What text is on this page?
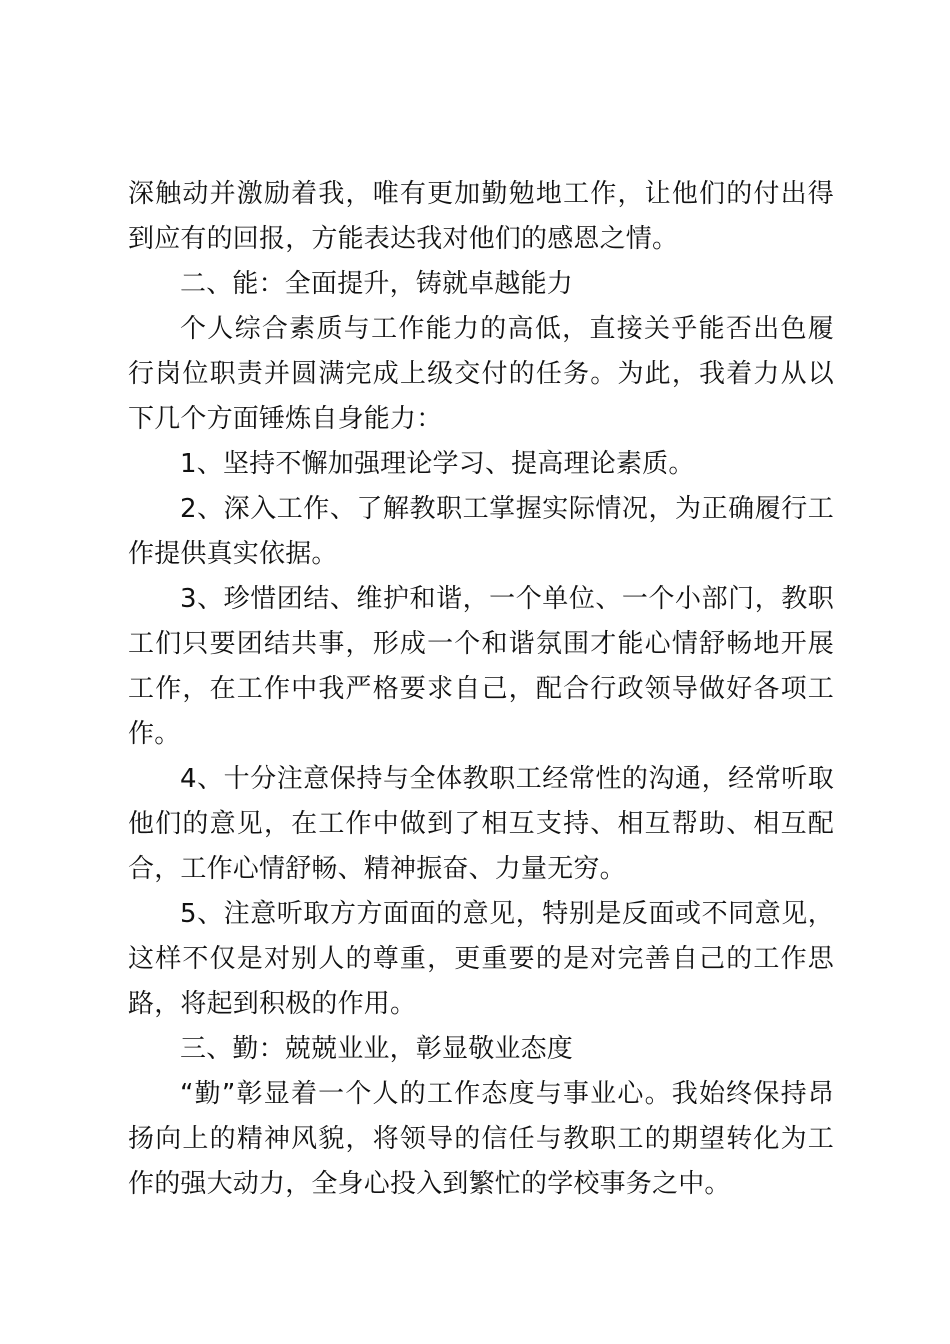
深触动并激励着我，唯有更加勤勉地工作，让他们的付出得到应有的回报，方能表达我对他们的感恩之情。

二、能：全面提升，铸就卓越能力

个人综合素质与工作能力的高低，直接关乎能否出色履行岗位职责并圆满完成上级交付的任务。为此，我着力从以下几个方面锤炼自身能力：

1、坚持不懈加强理论学习、提高理论素质。

2、深入工作、了解教职工掌握实际情况，为正确履行工作提供真实依据。

3、珍惜团结、维护和谐，一个单位、一个小部门，教职工们只要团结共事，形成一个和谐氛围才能心情舒畅地开展工作，在工作中我严格要求自己，配合行政领导做好各项工作。

4、十分注意保持与全体教职工经常性的沟通，经常听取他们的意见，在工作中做到了相互支持、相互帮助、相互配合，工作心情舒畅、精神振奋、力量无穷。

5、注意听取方方面面的意见，特别是反面或不同意见，这样不仅是对别人的尊重，更重要的是对完善自己的工作思路，将起到积极的作用。

三、勤：兢兢业业，彰显敬业态度

“勤”彰显着一个人的工作态度与事业心。我始终保持昂扬向上的精神风貌，将领导的信任与教职工的期望转化为工作的强大动力，全身心投入到繁忙的学校事务之中。
